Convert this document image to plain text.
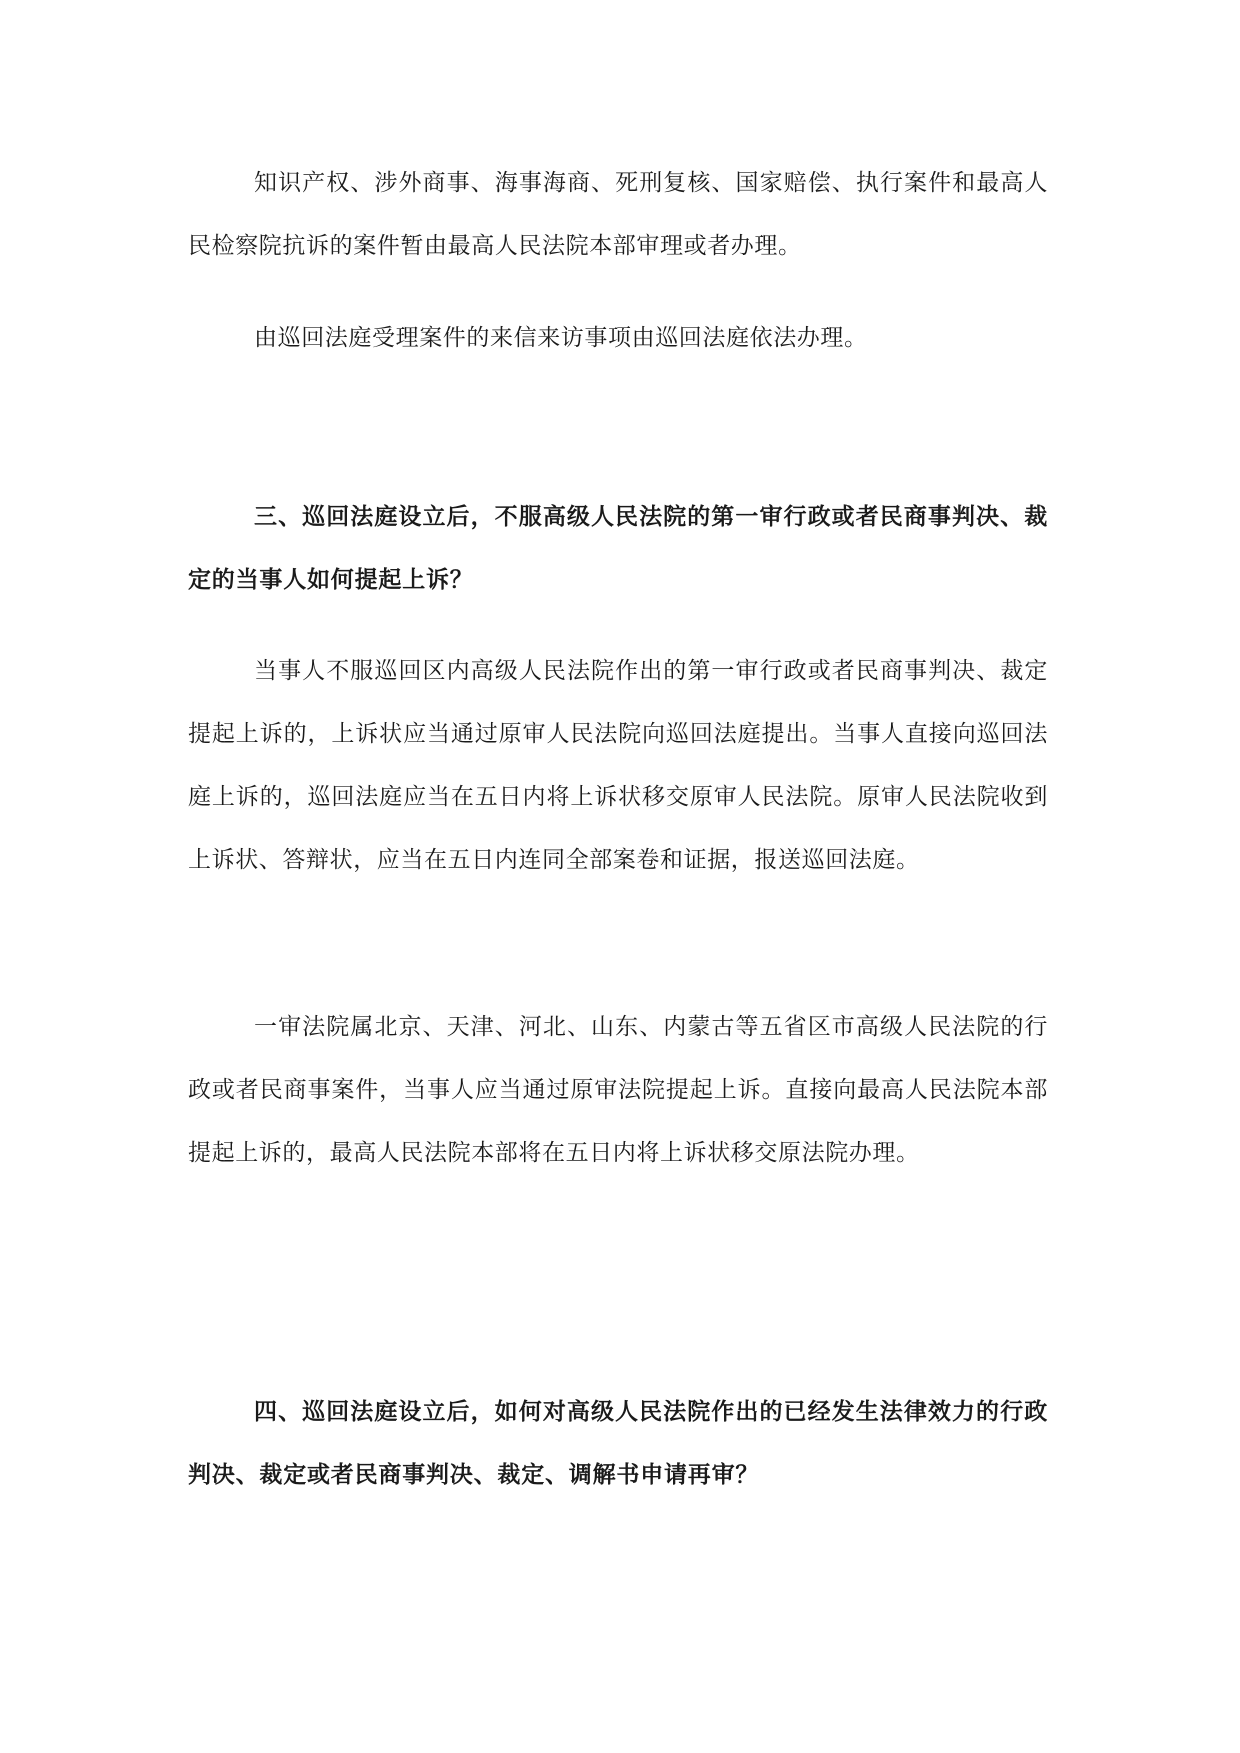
知识产权、涉外商事、海事海商、死刑复核、国家赔偿、执行案件和最高人民检察院抗诉的案件暂由最高人民法院本部审理或者办理。

由巡回法庭受理案件的来信来访事项由巡回法庭依法办理。

三、巡回法庭设立后，不服高级人民法院的第一审行政或者民商事判决、裁定的当事人如何提起上诉？

当事人不服巡回区内高级人民法院作出的第一审行政或者民商事判决、裁定提起上诉的，上诉状应当通过原审人民法院向巡回法庭提出。当事人直接向巡回法庭上诉的，巡回法庭应当在五日内将上诉状移交原审人民法院。原审人民法院收到上诉状、答辩状，应当在五日内连同全部案卷和证据，报送巡回法庭。

一审法院属北京、天津、河北、山东、内蒙古等五省区市高级人民法院的行政或者民商事案件，当事人应当通过原审法院提起上诉。直接向最高人民法院本部提起上诉的，最高人民法院本部将在五日内将上诉状移交原法院办理。

四、巡回法庭设立后，如何对高级人民法院作出的已经发生法律效力的行政判决、裁定或者民商事判决、裁定、调解书申请再审？
